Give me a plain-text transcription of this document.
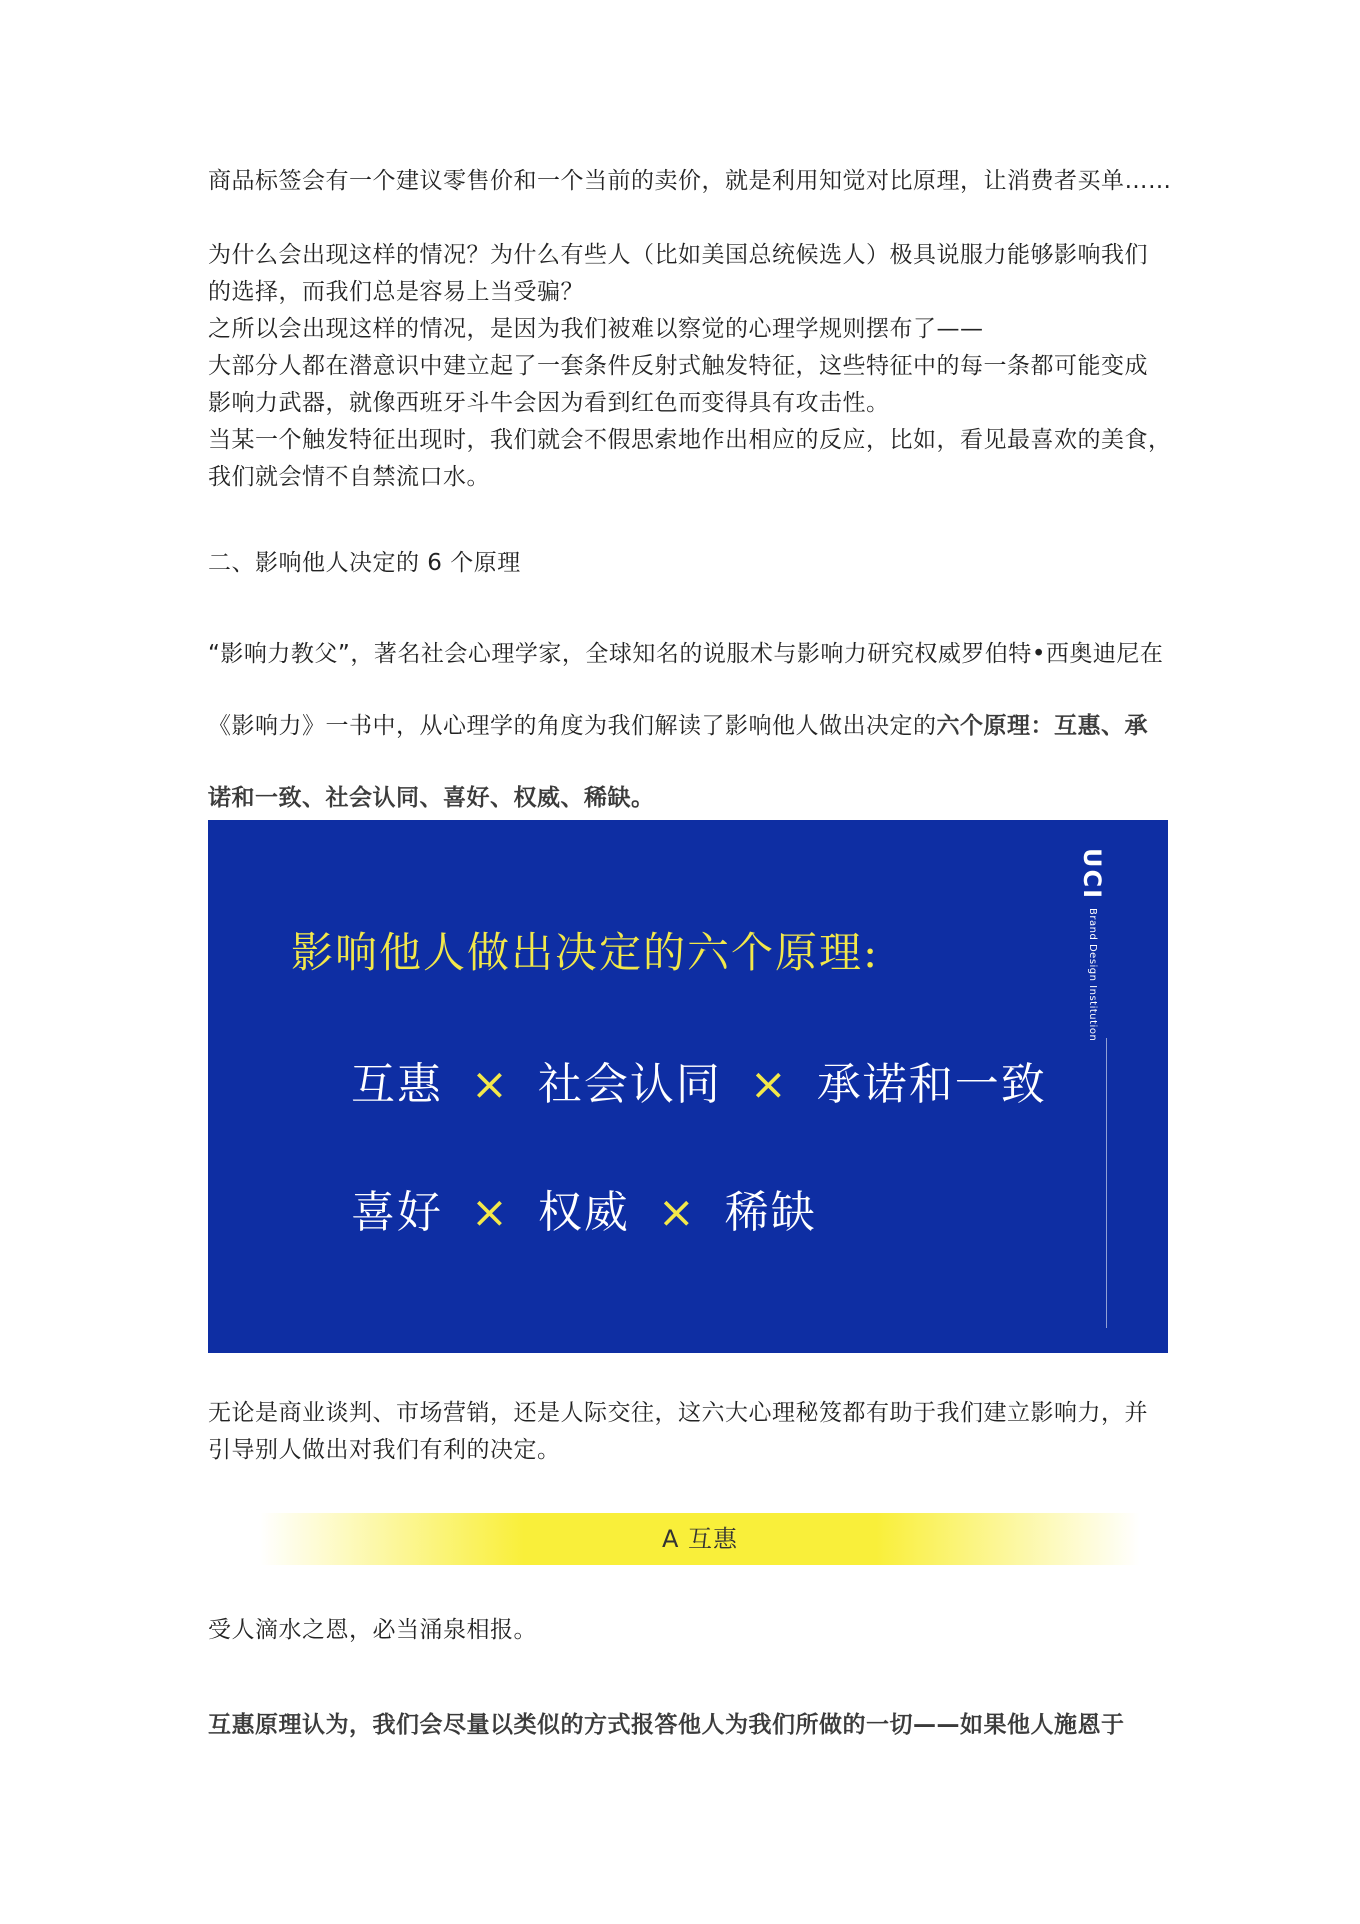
商品标签会有一个建议零售价和一个当前的卖价，就是利用知觉对比原理，让消费者买单……

为什么会出现这样的情况？为什么有些人（比如美国总统候选人）极具说服力能够影响我们
的选择，而我们总是容易上当受骗？
之所以会出现这样的情况，是因为我们被难以察觉的心理学规则摆布了——
大部分人都在潜意识中建立起了一套条件反射式触发特征，这些特征中的每一条都可能变成
影响力武器，就像西班牙斗牛会因为看到红色而变得具有攻击性。
当某一个触发特征出现时，我们就会不假思索地作出相应的反应，比如，看见最喜欢的美食，
我们就会情不自禁流口水。

二、影响他人决定的 6 个原理

“影响力教父”，著名社会心理学家，全球知名的说服术与影响力研究权威罗伯特•西奥迪尼在
《影响力》一书中，从心理学的角度为我们解读了影响他人做出决定的六个原理：互惠、承
诺和一致、社会认同、喜好、权威、稀缺。

影响他人做出决定的六个原理:
互惠 × 社会认同 × 承诺和一致
喜好 × 权威 × 稀缺
UCI
Brand Design Institution

无论是商业谈判、市场营销，还是人际交往，这六大心理秘笈都有助于我们建立影响力，并
引导别人做出对我们有利的决定。

A 互惠

受人滴水之恩，必当涌泉相报。

互惠原理认为，我们会尽量以类似的方式报答他人为我们所做的一切——如果他人施恩于
